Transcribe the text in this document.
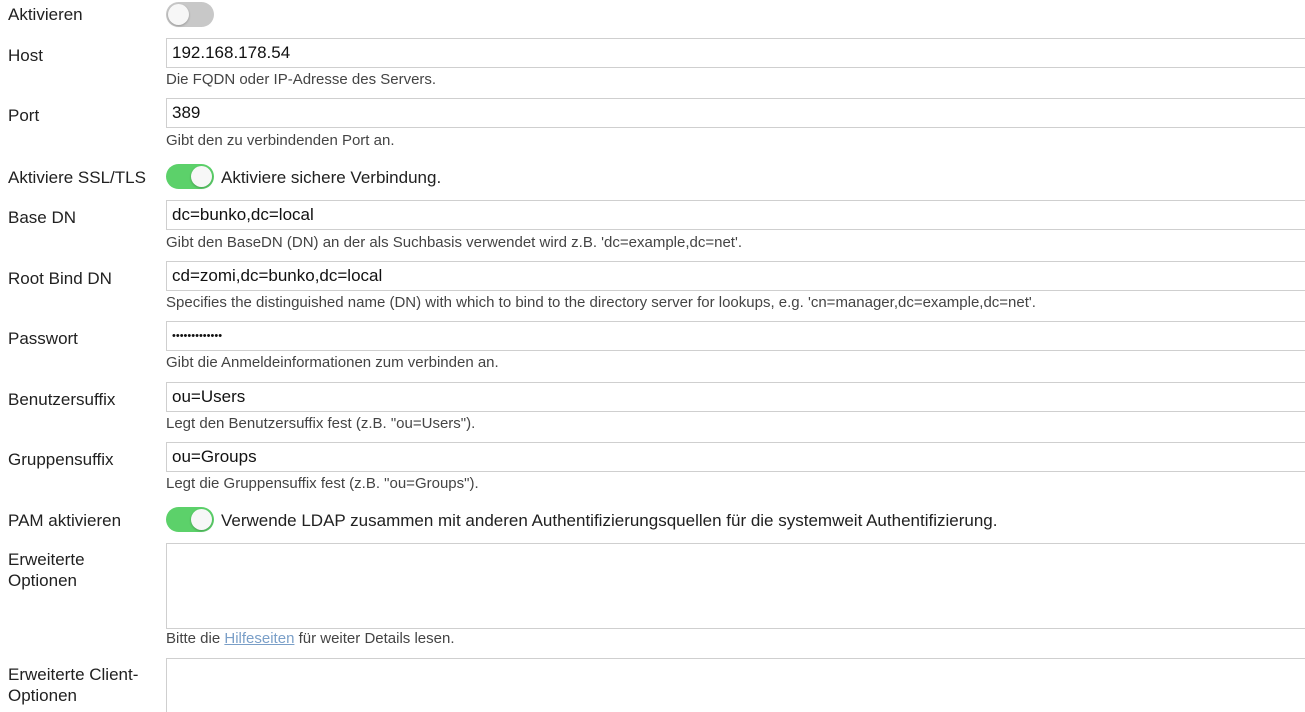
Aktivieren
Host
192.168.178.54
Die FQDN oder IP-Adresse des Servers.
Port
389
Gibt den zu verbindenden Port an.
Aktiviere SSL/TLS	Aktiviere sichere Verbindung.
Base DN
dc=bunko,dc=local
Gibt den BaseDN (DN) an der als Suchbasis verwendet wird z.B. 'dc=example,dc=net'.
Root Bind DN
cd=zomi,dc=bunko,dc=local
Specifies the distinguished name (DN) with which to bind to the directory server for lookups, e.g. 'cn=manager,dc=example,dc=net'.
Passwort
•••••••••••••
Gibt die Anmeldeinformationen zum verbinden an.
Benutzersuffix
ou=Users
Legt den Benutzersuffix fest (z.B. "ou=Users").
Gruppensuffix
ou=Groups
Legt die Gruppensuffix fest (z.B. "ou=Groups").
PAM aktivieren	Verwende LDAP zusammen mit anderen Authentifizierungsquellen für die systemweit Authentifizierung.
Erweiterte
Optionen
Bitte die Hilfeseiten für weiter Details lesen.
Erweiterte Client-
Optionen
